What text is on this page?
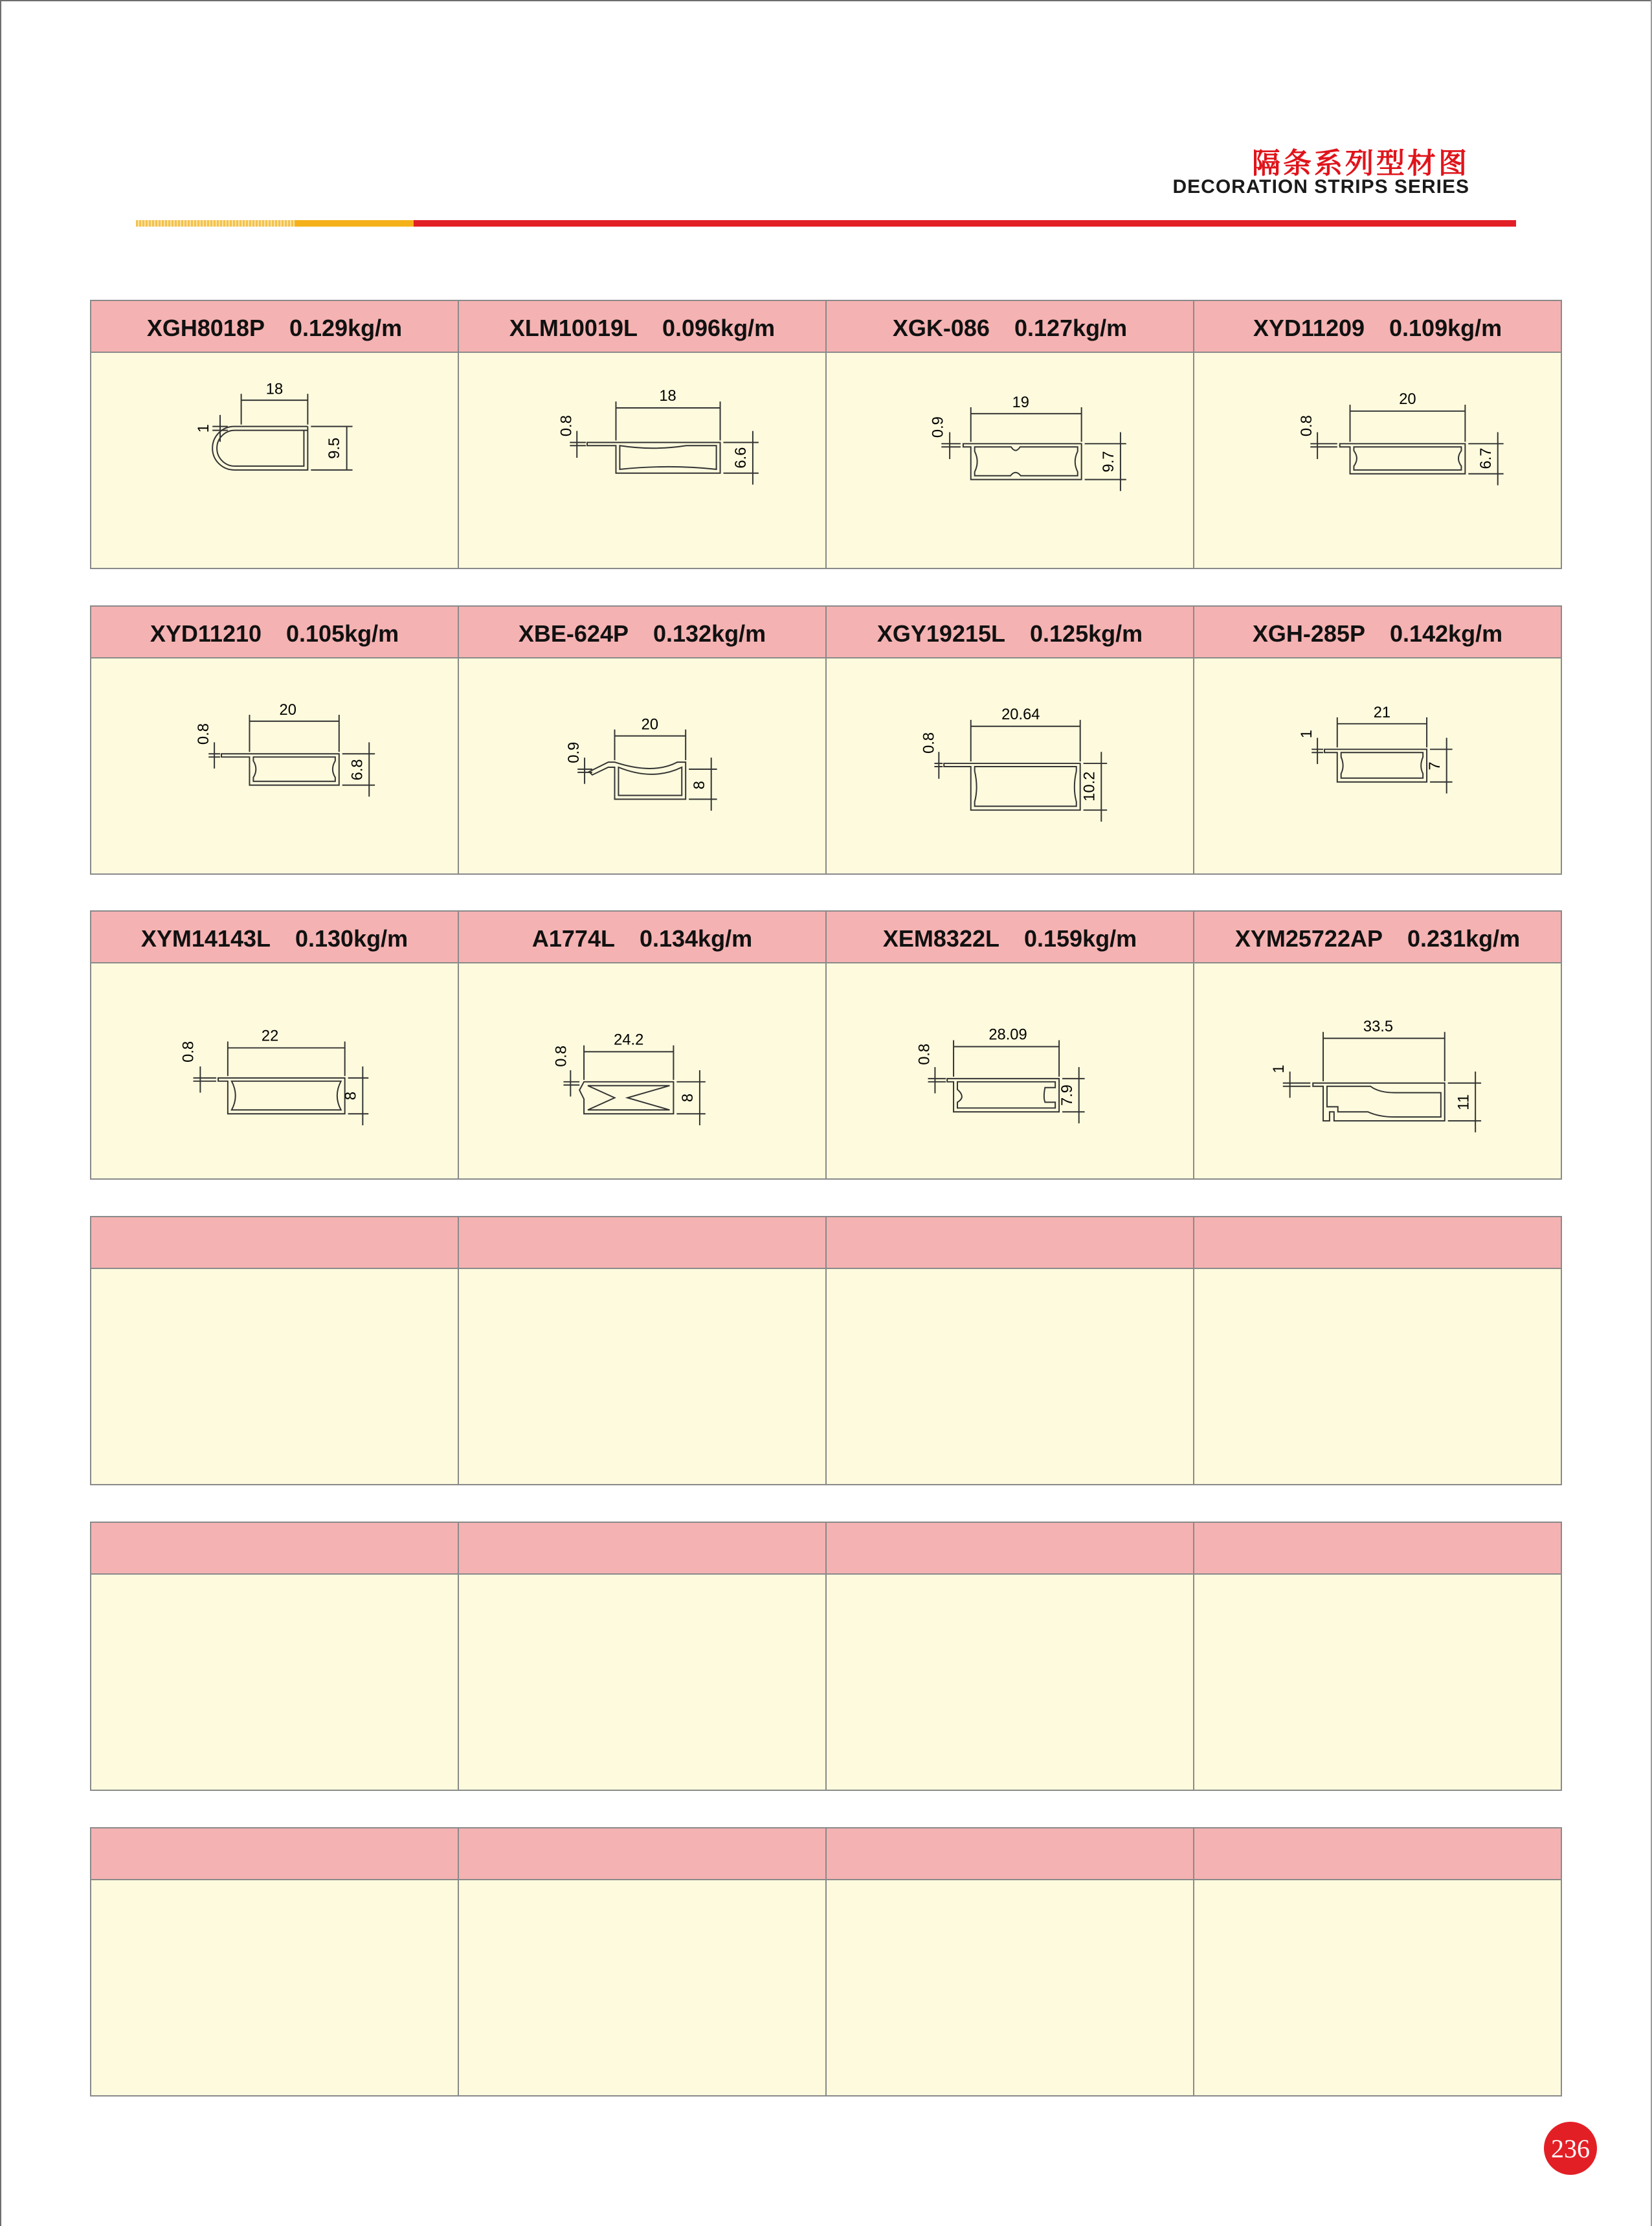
隔条系列型材图
DECORATION STRIPS SERIES
XGH8018P 0.129kg/m
18
9.5
1
XLM10019L 0.096kg/m
18
6.6
0.8
XGK-086 0.127kg/m
19
9.7
0.9
XYD11209 0.109kg/m
20
6.7
0.8
XYD11210 0.105kg/m
20
6.8
0.8
XBE-624P 0.132kg/m
20
8
0.9
XGY19215L 0.125kg/m
20.64
10.2
0.8
XGH-285P 0.142kg/m
21
7
1
XYM14143L 0.130kg/m
22
8
0.8
A1774L 0.134kg/m
24.2
8
0.8
XEM8322L 0.159kg/m
28.09
7.9
0.8
XYM25722AP 0.231kg/m
33.5
11
1
236
